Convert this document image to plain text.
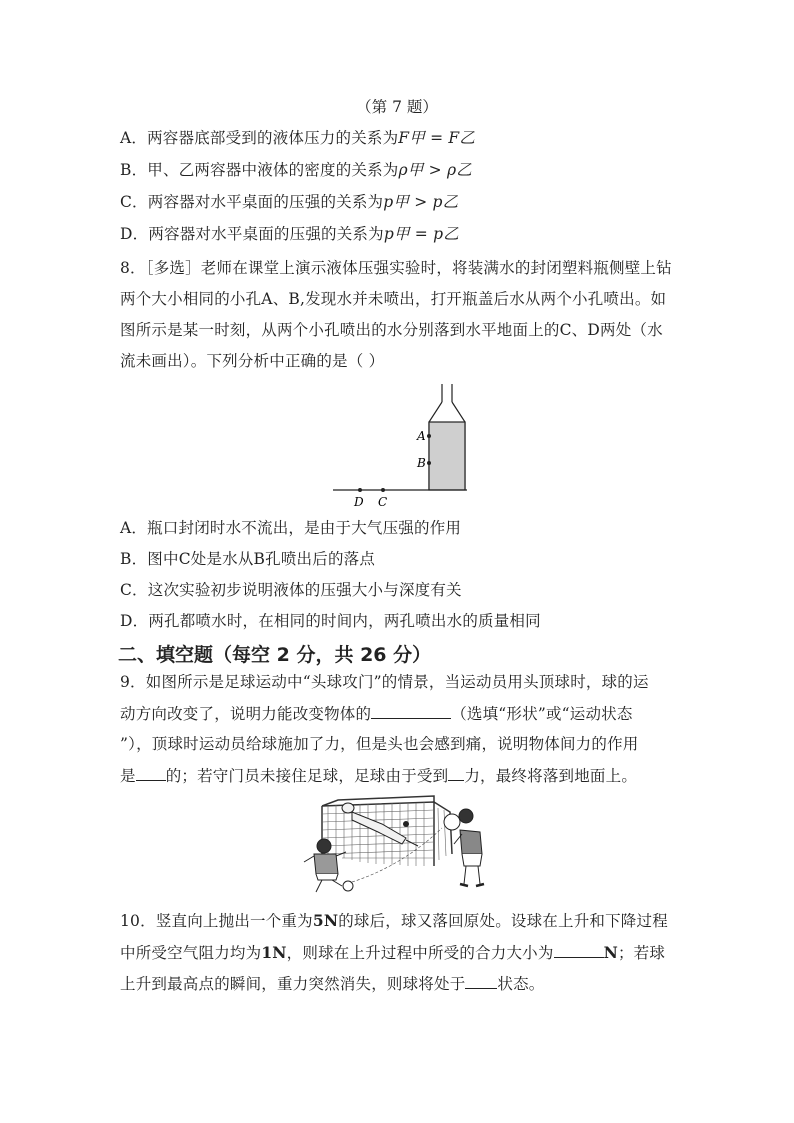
（第 7 题）
A．两容器底部受到的液体压力的关系为F甲 = F乙
B．甲、乙两容器中液体的密度的关系为ρ甲 > ρ乙
C．两容器对水平桌面的压强的关系为p甲 > p乙
D．两容器对水平桌面的压强的关系为p甲 = p乙
8．［多选］老师在课堂上演示液体压强实验时，将装满水的封闭塑料瓶侧壁上钻
两个大小相同的小孔A、B,发现水并未喷出，打开瓶盖后水从两个小孔喷出。如
图所示是某一时刻，从两个小孔喷出的水分别落到水平地面上的C、D两处（水
流未画出）。下列分析中正确的是（ ）
A
B
D C
A．瓶口封闭时水不流出，是由于大气压强的作用
B．图中C处是水从B孔喷出后的落点
C．这次实验初步说明液体的压强大小与深度有关
D．两孔都喷水时，在相同的时间内，两孔喷出水的质量相同
二、填空题（每空 2 分，共 26 分）
9．如图所示是足球运动中“头球攻门”的情景，当运动员用头顶球时，球的运
动方向改变了，说明力能改变物体的	（选填“形状”或“运动状态
”），顶球时运动员给球施加了力，但是头也会感到痛，说明物体间力的作用
是 的；若守门员未接住足球，足球由于受到 力，最终将落到地面上。
10．竖直向上抛出一个重为5N的球后，球又落回原处。设球在上升和下降过程
中所受空气阻力均为1N，则球在上升过程中所受的合力大小为	N；若球
上升到最高点的瞬间，重力突然消失，则球将处于 状态。
